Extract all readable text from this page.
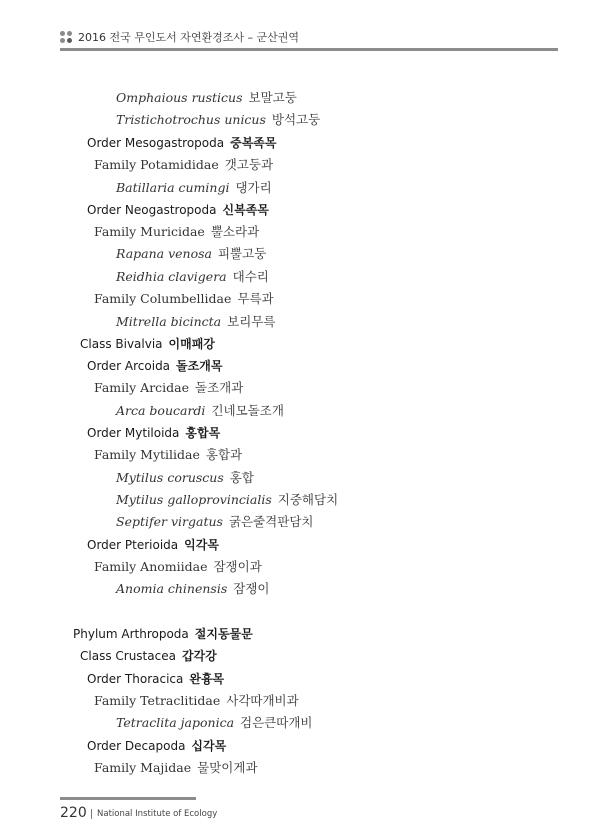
2016 전국 무인도서 자연환경조사 – 군산권역
Omphaious rusticus 보말고둥
Tristichotrochus unicus 방석고둥
Order Mesogastropoda 중복족목
Family Potamididae 갯고둥과
Batillaria cumingi 댕가리
Order Neogastropoda 신복족목
Family Muricidae 뿔소라과
Rapana venosa 피뿔고둥
Reidhia clavigera 대수리
Family Columbellidae 무륵과
Mitrella bicincta 보리무륵
Class Bivalvia 이매패강
Order Arcoida 돌조개목
Family Arcidae 돌조개과
Arca boucardi 긴네모돌조개
Order Mytiloida 홍합목
Family Mytilidae 홍합과
Mytilus coruscus 홍합
Mytilus galloprovincialis 지중해담치
Septifer virgatus 굵은줄격판담치
Order Pterioida 익각목
Family Anomiidae 잠쟁이과
Anomia chinensis 잠쟁이
Phylum Arthropoda 절지동물문
Class Crustacea 갑각강
Order Thoracica 완흉목
Family Tetraclitidae 사각따개비과
Tetraclita japonica 검은큰따개비
Order Decapoda 십각목
Family Majidae 물맞이게과
220 National Institute of Ecology
